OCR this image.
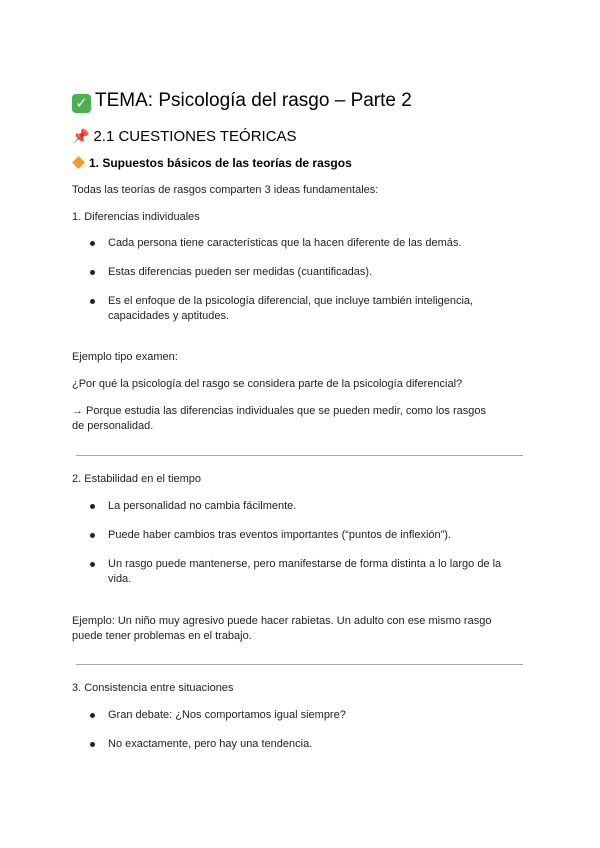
✓ TEMA: Psicología del rasgo – Parte 2
📌 2.1 CUESTIONES TEÓRICAS
1. Supuestos básicos de las teorías de rasgos
Todas las teorías de rasgos comparten 3 ideas fundamentales:
1. Diferencias individuales
Cada persona tiene características que la hacen diferente de las demás.
Estas diferencias pueden ser medidas (cuantificadas).
Es el enfoque de la psicología diferencial, que incluye también inteligencia, capacidades y aptitudes.
Ejemplo tipo examen:
¿Por qué la psicología del rasgo se considera parte de la psicología diferencial?
→ Porque estudia las diferencias individuales que se pueden medir, como los rasgos de personalidad.
2. Estabilidad en el tiempo
La personalidad no cambia fácilmente.
Puede haber cambios tras eventos importantes (“puntos de inflexión”).
Un rasgo puede mantenerse, pero manifestarse de forma distinta a lo largo de la vida.
Ejemplo: Un niño muy agresivo puede hacer rabietas. Un adulto con ese mismo rasgo puede tener problemas en el trabajo.
3. Consistencia entre situaciones
Gran debate: ¿Nos comportamos igual siempre?
No exactamente, pero hay una tendencia.
